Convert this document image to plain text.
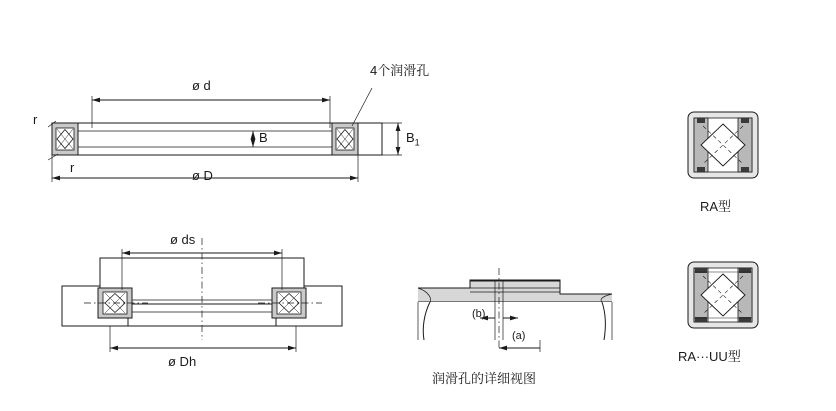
4个润滑孔
ø d
ø D
B	$B_1$
r
r
ø ds
ø Dh
(b)
(a)
润滑孔的详细视图
RA型
RA···UU型
